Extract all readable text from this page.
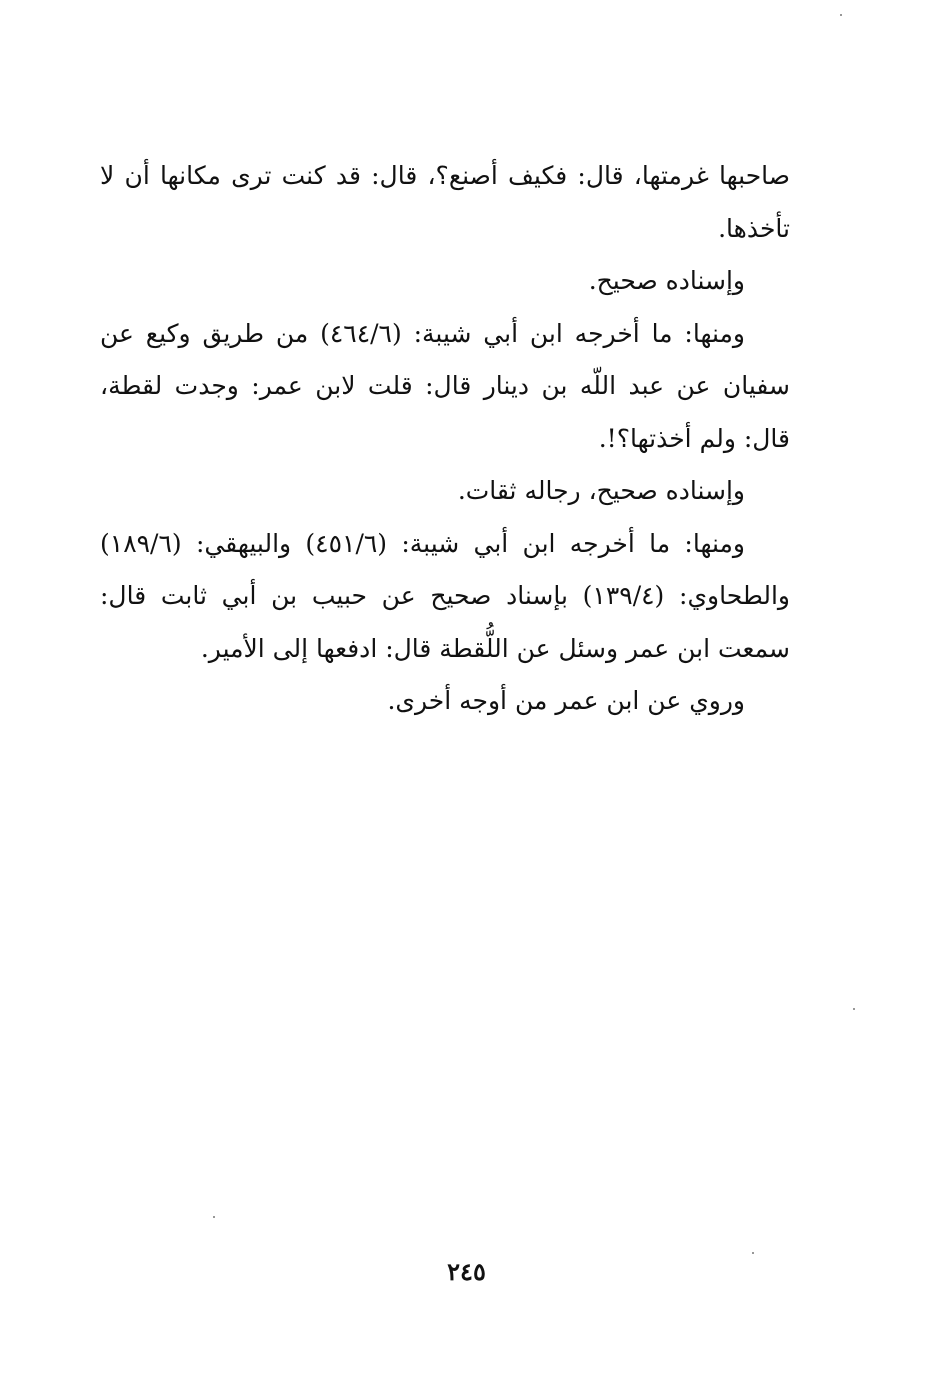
صاحبها غرمتها، قال: فكيف أصنع؟، قال: قد كنت ترى مكانها أن لا تأخذها.

وإسناده صحيح.

ومنها: ما أخرجه ابن أبي شيبة: (٤٦٤/٦) من طريق وكيع عن سفيان عن عبد اللّه بن دينار قال: قلت لابن عمر: وجدت لقطة، قال: ولم أخذتها؟!.

وإسناده صحيح، رجاله ثقات.

ومنها: ما أخرجه ابن أبي شيبة: (٤٥١/٦) والبيهقي: (١٨٩/٦) والطحاوي: (١٣٩/٤) بإسناد صحيح عن حبيب بن أبي ثابت قال: سمعت ابن عمر وسئل عن اللُّقطة قال: ادفعها إلى الأمير.

وروي عن ابن عمر من أوجه أخرى.

٢٤٥
